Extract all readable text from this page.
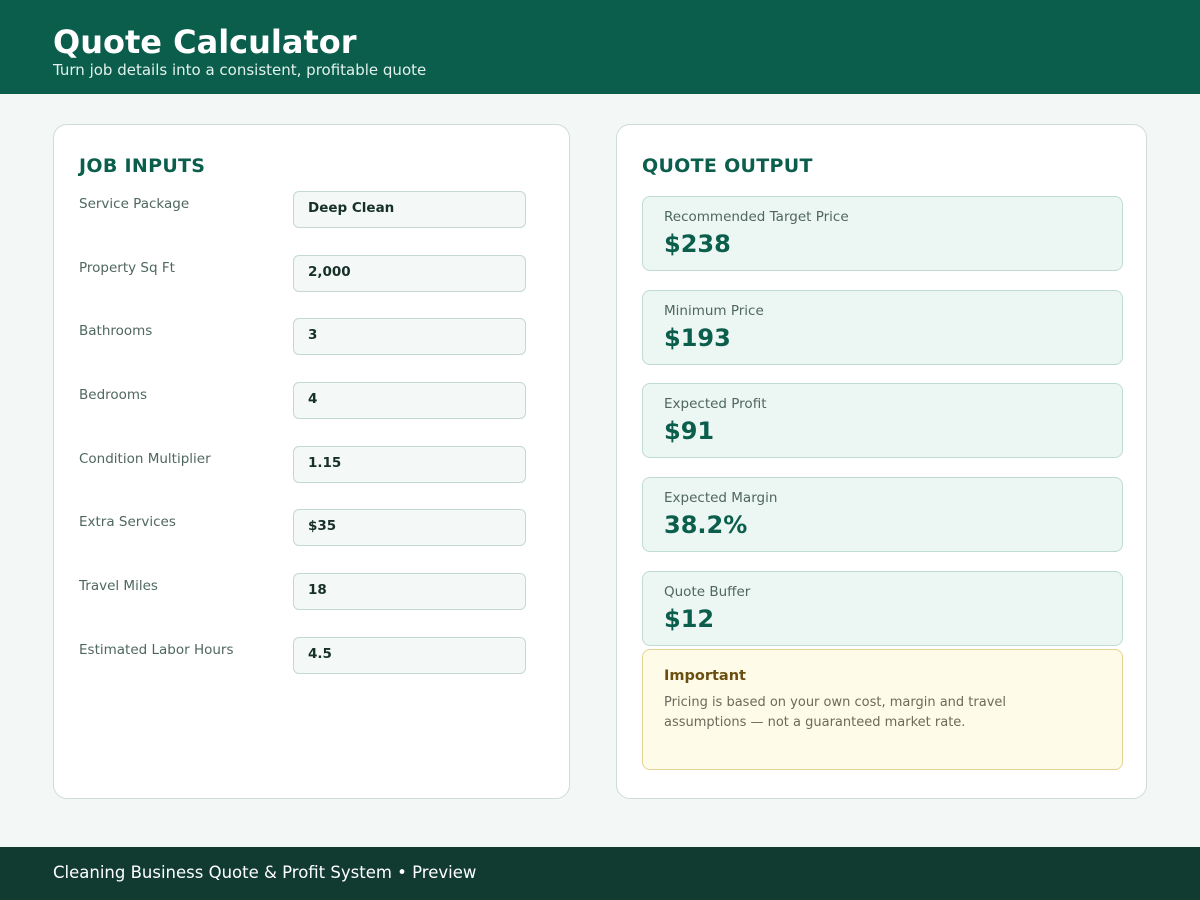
Quote Calculator
Turn job details into a consistent, profitable quote
JOB INPUTS
Service Package	Deep Clean
Property Sq Ft	2,000
Bathrooms	3
Bedrooms	4
Condition Multiplier	1.15
Extra Services	$35
Travel Miles	18
Estimated Labor Hours	4.5
QUOTE OUTPUT
Recommended Target Price
$238
Minimum Price
$193
Expected Profit
$91
Expected Margin
38.2%
Quote Buffer
$12
Important
Pricing is based on your own cost, margin and travel assumptions — not a guaranteed market rate.
Cleaning Business Quote & Profit System • Preview
